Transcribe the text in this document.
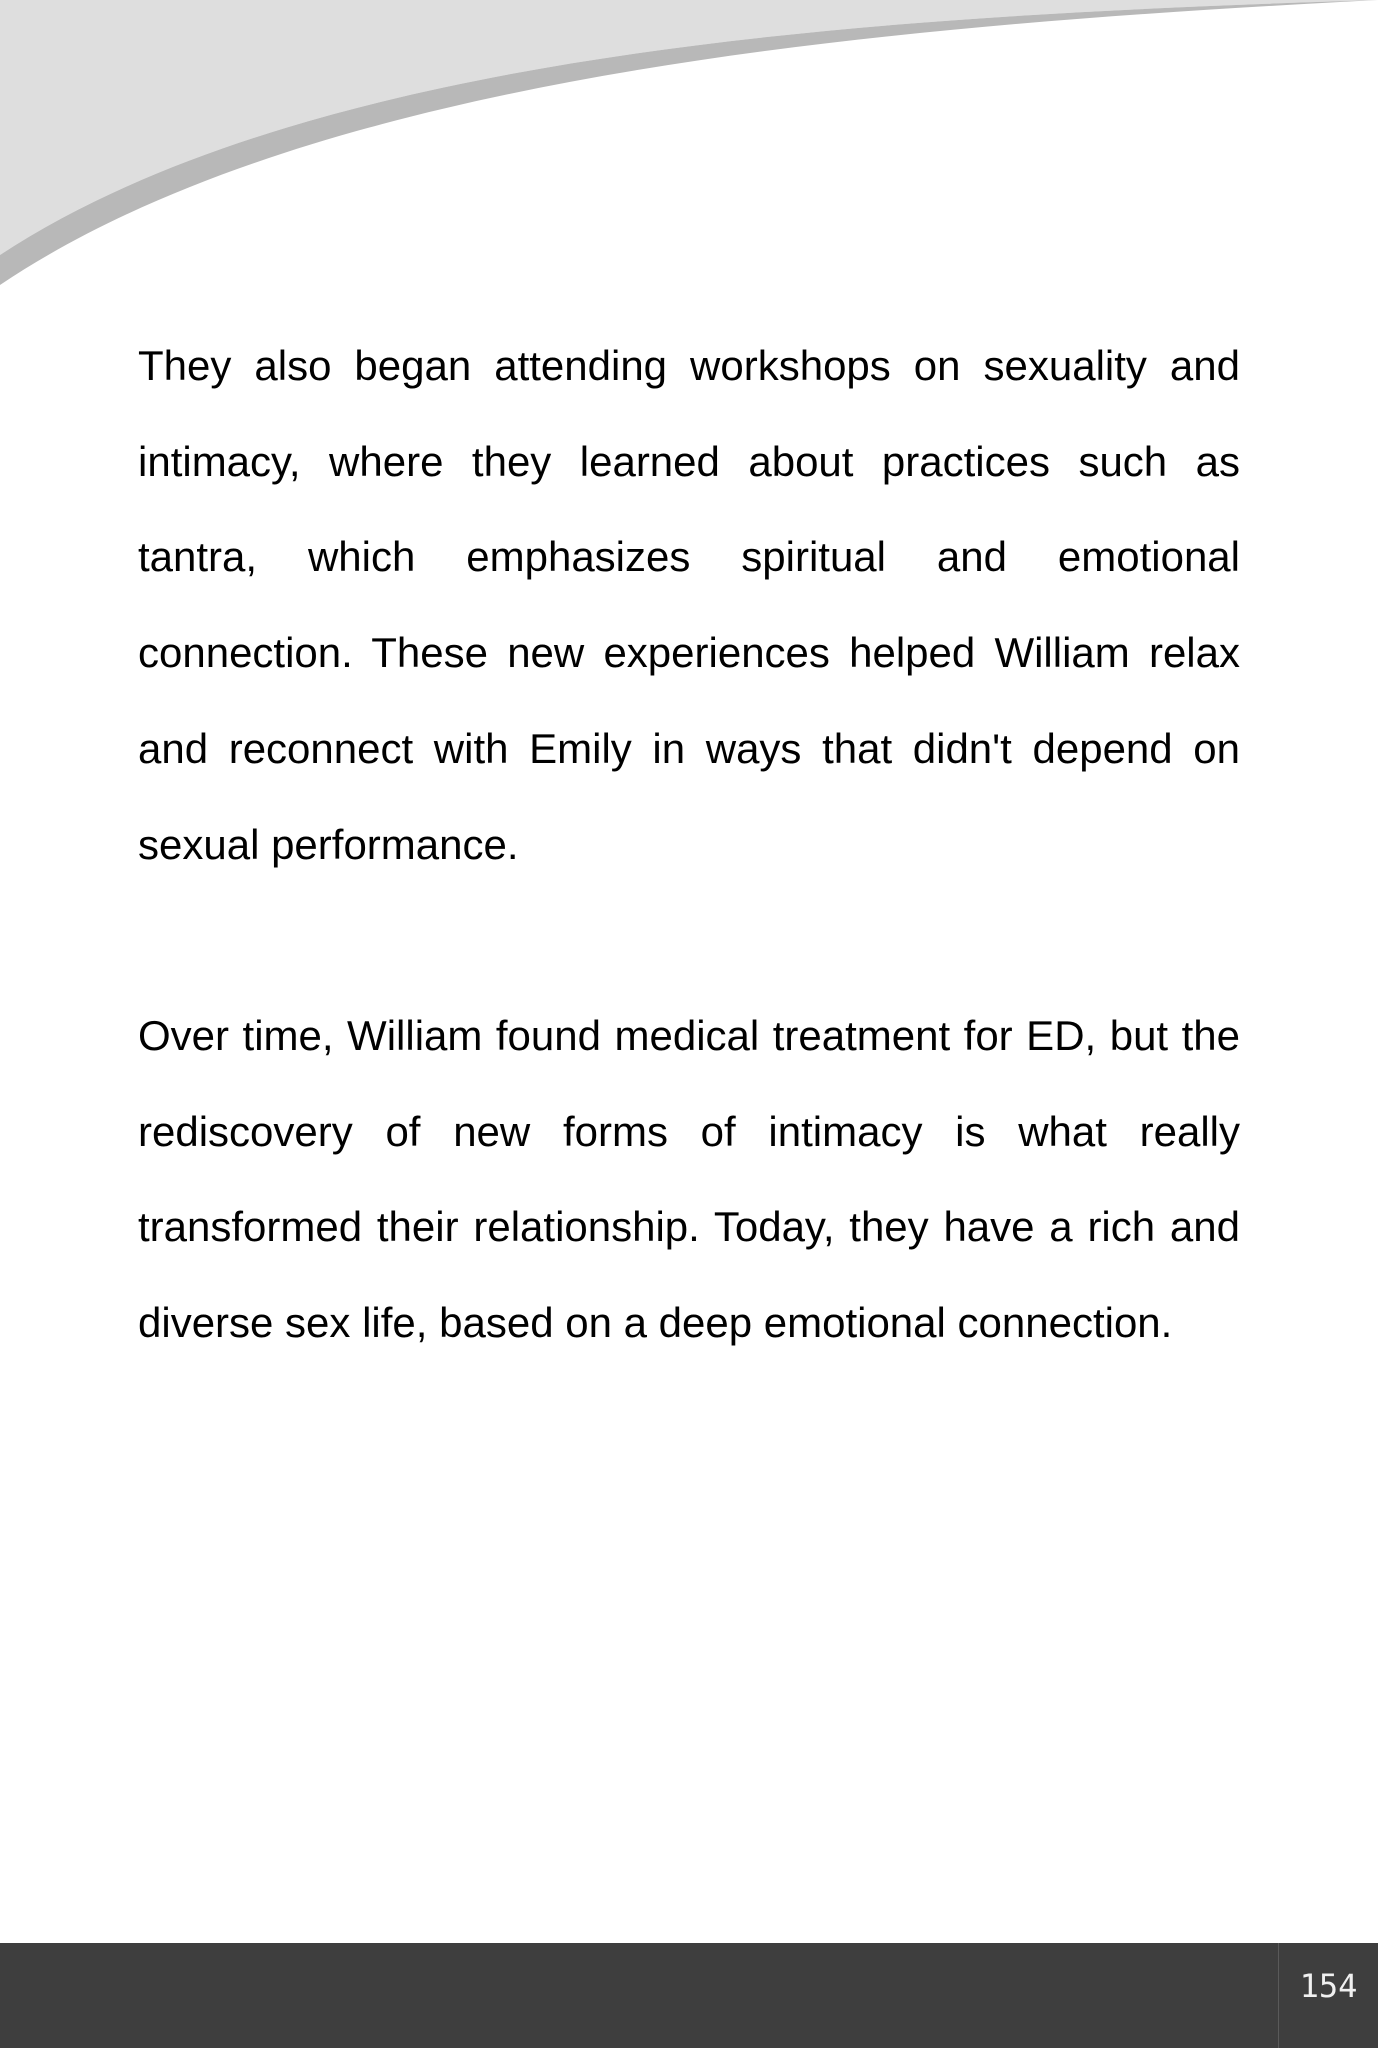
They also began attending workshops on sexuality and intimacy, where they learned about practices such as tantra, which emphasizes spiritual and emotional connection. These new experiences helped William relax and reconnect with Emily in ways that didn't depend on sexual performance.

Over time, William found medical treatment for ED, but the rediscovery of new forms of intimacy is what really transformed their relationship. Today, they have a rich and diverse sex life, based on a deep emotional connection.

154
